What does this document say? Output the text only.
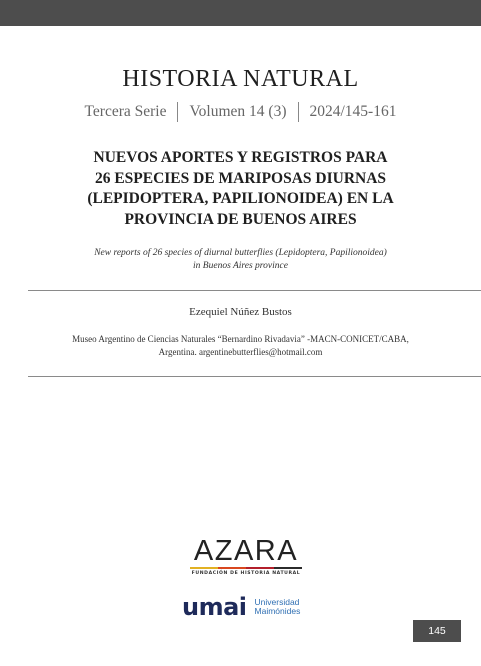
HISTORIA NATURAL
Tercera Serie	Volumen 14 (3)	2024/145-161
NUEVOS APORTES Y REGISTROS PARA
26 ESPECIES DE MARIPOSAS DIURNAS
(LEPIDOPTERA, PAPILIONOIDEA) EN LA
PROVINCIA DE BUENOS AIRES
New reports of 26 species of diurnal butterflies (Lepidoptera, Papilionoidea)
in Buenos Aires province
Ezequiel Núñez Bustos
Museo Argentino de Ciencias Naturales “Bernardino Rivadavia” -MACN-CONICET/CABA,
Argentina. argentinebutterflies@hotmail.com
AZARA
FUNDACIÓN DE HISTORIA NATURAL
umai Universidad
Maimónides
145
